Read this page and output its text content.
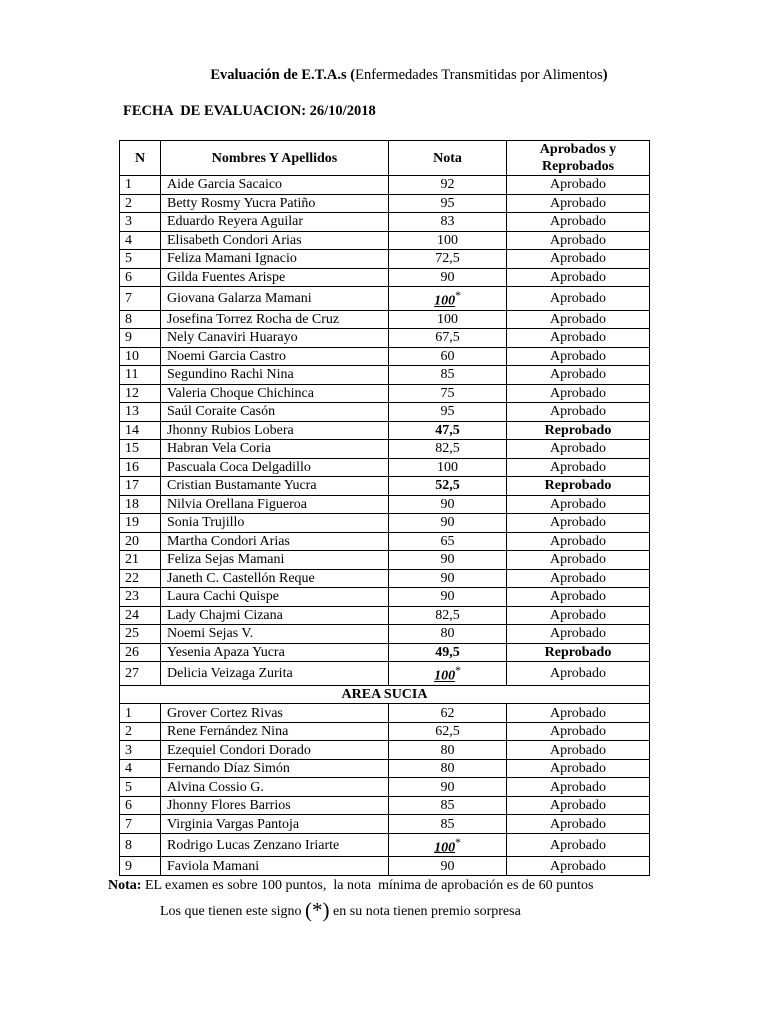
Evaluación de E.T.A.s (Enfermedades Transmitidas por Alimentos)
FECHA  DE EVALUACION: 26/10/2018
N	Nombres Y Apellidos	Nota	Aprobados y Reprobados
1	Aide Garcia Sacaico	92	Aprobado
2	Betty Rosmy Yucra Patiño	95	Aprobado
3	Eduardo Reyera Aguilar	83	Aprobado
4	Elisabeth Condori Arias	100	Aprobado
5	Feliza Mamani Ignacio	72,5	Aprobado
6	Gilda Fuentes Arispe	90	Aprobado
7	Giovana Galarza Mamani	100*	Aprobado
8	Josefina Torrez Rocha de Cruz	100	Aprobado
9	Nely Canaviri Huarayo	67,5	Aprobado
10	Noemi Garcia Castro	60	Aprobado
11	Segundino Rachi Nina	85	Aprobado
12	Valeria Choque Chichinca	75	Aprobado
13	Saúl Coraite Casón	95	Aprobado
14	Jhonny Rubios Lobera	47,5	Reprobado
15	Habran Vela Coria	82,5	Aprobado
16	Pascuala Coca Delgadillo	100	Aprobado
17	Cristian Bustamante Yucra	52,5	Reprobado
18	Nilvia Orellana Figueroa	90	Aprobado
19	Sonia Trujillo	90	Aprobado
20	Martha Condori Arias	65	Aprobado
21	Feliza Sejas Mamani	90	Aprobado
22	Janeth C. Castellón Reque	90	Aprobado
23	Laura Cachi Quispe	90	Aprobado
24	Lady Chajmi Cizana	82,5	Aprobado
25	Noemi Sejas V.	80	Aprobado
26	Yesenia Apaza Yucra	49,5	Reprobado
27	Delicia Veizaga Zurita	100*	Aprobado
AREA SUCIA			
1	Grover Cortez Rivas	62	Aprobado
2	Rene Fernández Nina	62,5	Aprobado
3	Ezequiel Condori Dorado	80	Aprobado
4	Fernando Díaz Simón	80	Aprobado
5	Alvina Cossio G.	90	Aprobado
6	Jhonny Flores Barrios	85	Aprobado
7	Virginia Vargas Pantoja	85	Aprobado
8	Rodrigo Lucas Zenzano Iriarte	100*	Aprobado
9	Faviola Mamani	90	Aprobado
Nota: EL examen es sobre 100 puntos,  la nota  mínima de aprobación es de 60 puntos
Los que tienen este signo (*) en su nota tienen premio sorpresa
